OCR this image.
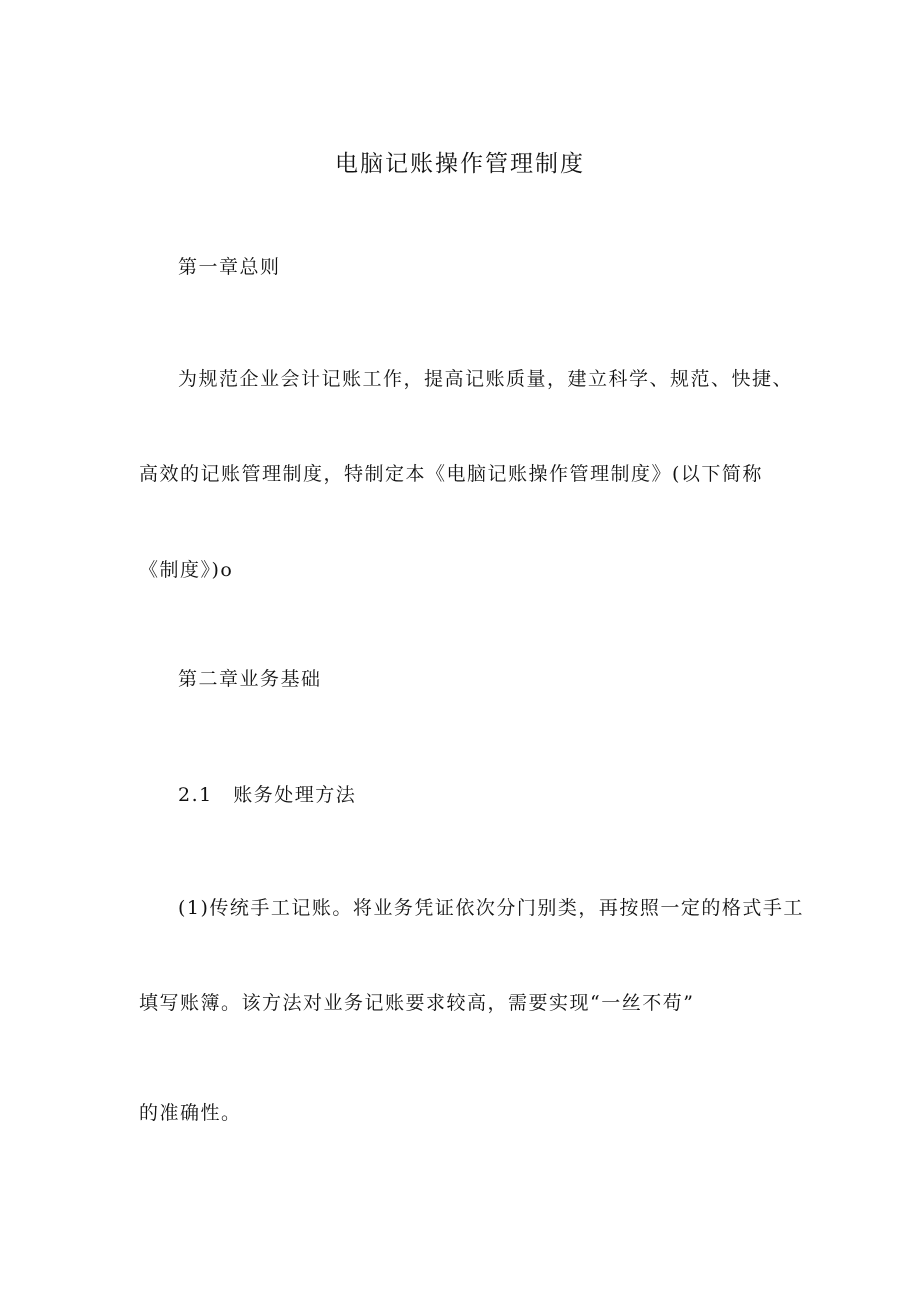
电脑记账操作管理制度
第一章总则
为规范企业会计记账工作，提高记账质量，建立科学、规范、快捷、
高效的记账管理制度，特制定本《电脑记账操作管理制度》(以下简称
《制度》)o
第二章业务基础
2.1　账务处理方法
(1)传统手工记账。将业务凭证依次分门别类，再按照一定的格式手工
填写账簿。该方法对业务记账要求较高，需要实现“一丝不苟”
的准确性。
